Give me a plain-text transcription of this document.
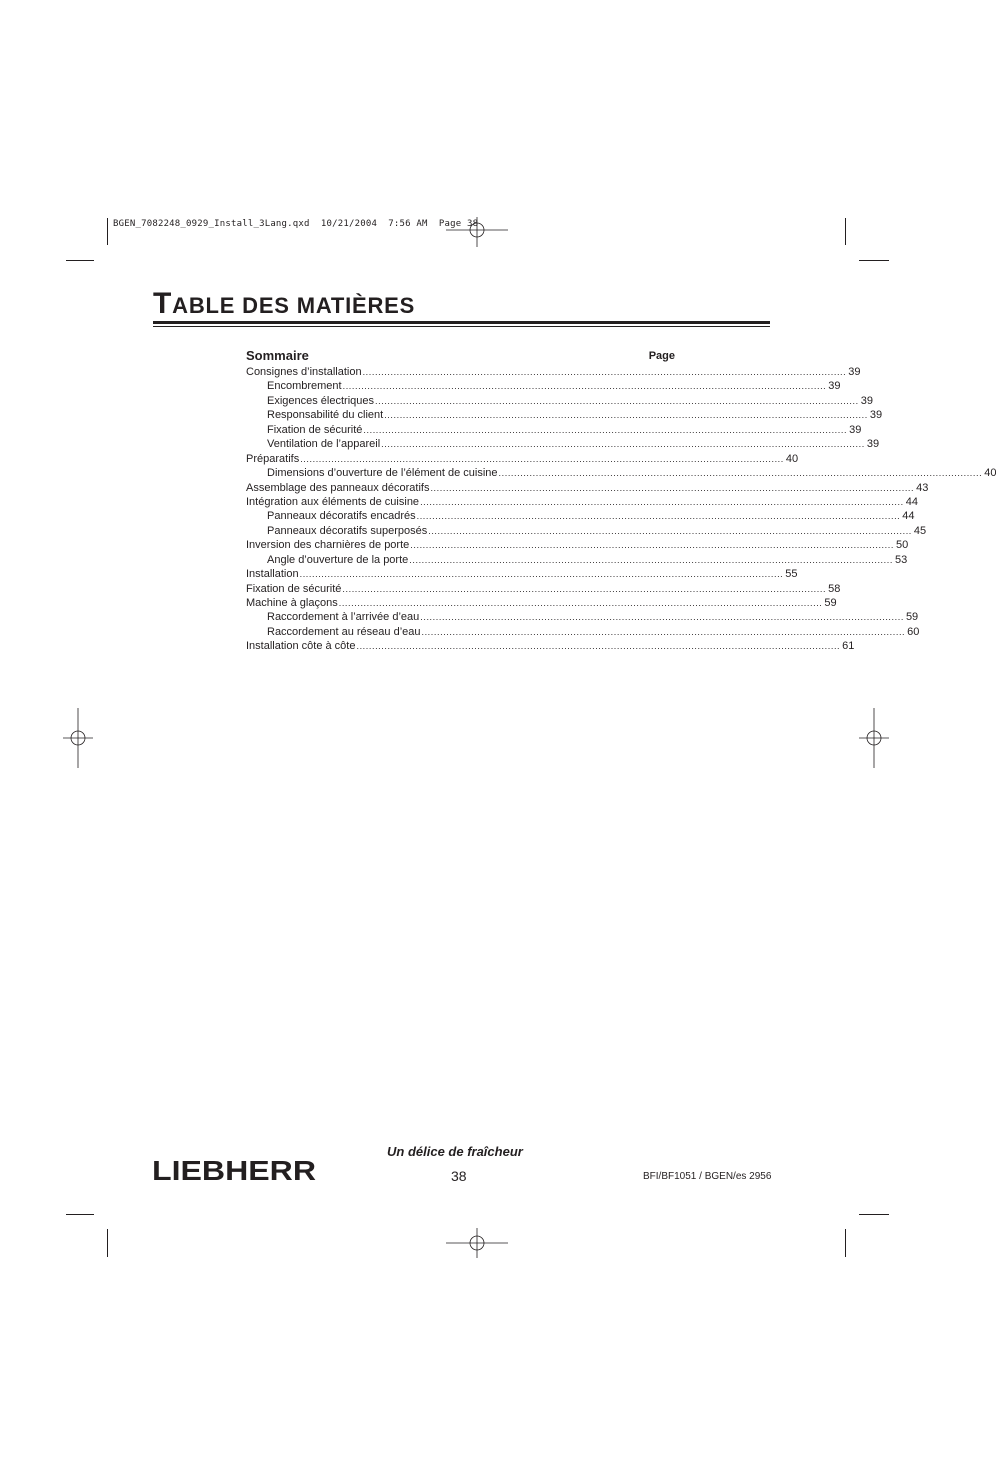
BGEN_7082248_0929_Install_3Lang.qxd  10/21/2004  7:56 AM  Page 38
TABLE DES MATIÈRES
Sommaire	Page
Consignes d’installation ............................................................................................................................................................ 39
Encombrement ............................................................................................................................................................ 39
Exigences électriques ............................................................................................................................................................ 39
Responsabilité du client ............................................................................................................................................................ 39
Fixation de sécurité ............................................................................................................................................................ 39
Ventilation de l’appareil ............................................................................................................................................................ 39
Préparatifs ............................................................................................................................................................ 40
Dimensions d’ouverture de l’élément de cuisine ............................................................................................................................................................ 40
Assemblage des panneaux décoratifs ............................................................................................................................................................ 43
Intégration aux éléments de cuisine ............................................................................................................................................................ 44
Panneaux décoratifs encadrés ............................................................................................................................................................ 44
Panneaux décoratifs superposés ............................................................................................................................................................ 45
Inversion des charnières de porte ............................................................................................................................................................ 50
Angle d’ouverture de la porte ............................................................................................................................................................ 53
Installation ............................................................................................................................................................ 55
Fixation de sécurité ............................................................................................................................................................ 58
Machine à glaçons ............................................................................................................................................................ 59
Raccordement à l’arrivée d’eau ............................................................................................................................................................ 59
Raccordement au réseau d’eau ............................................................................................................................................................ 60
Installation côte à côte ............................................................................................................................................................ 61
LIEBHERR
Un délice de fraîcheur
38	BFI/BF1051 / BGEN/es 2956
